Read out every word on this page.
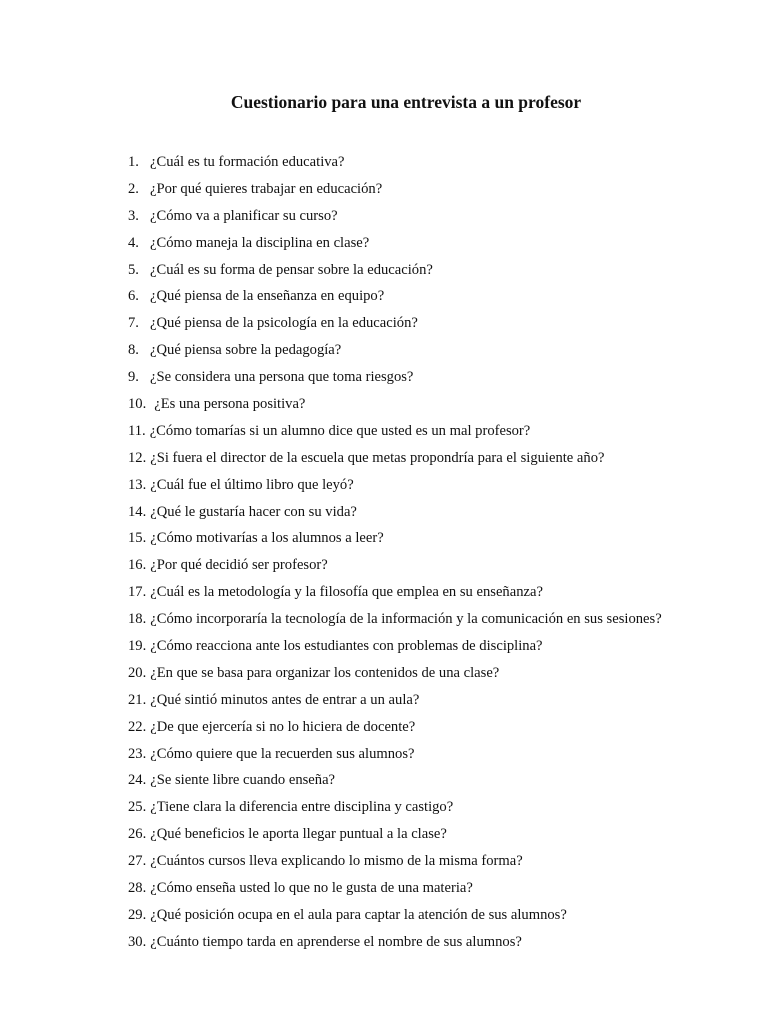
Cuestionario para una entrevista a un profesor
1. ¿Cuál es tu formación educativa?
2. ¿Por qué quieres trabajar en educación?
3. ¿Cómo va a planificar su curso?
4. ¿Cómo maneja la disciplina en clase?
5. ¿Cuál es su forma de pensar sobre la educación?
6. ¿Qué piensa de la enseñanza en equipo?
7. ¿Qué piensa de la psicología en la educación?
8. ¿Qué piensa sobre la pedagogía?
9. ¿Se considera una persona que toma riesgos?
10. ¿Es una persona positiva?
11. ¿Cómo tomarías si un alumno dice que usted es un mal profesor?
12. ¿Si fuera el director de la escuela que metas propondría para el siguiente año?
13. ¿Cuál fue el último libro que leyó?
14. ¿Qué le gustaría hacer con su vida?
15. ¿Cómo motivarías a los alumnos a leer?
16. ¿Por qué decidió ser profesor?
17. ¿Cuál es la metodología y la filosofía que emplea en su enseñanza?
18. ¿Cómo incorporaría la tecnología de la información y la comunicación en sus sesiones?
19. ¿Cómo reacciona ante los estudiantes con problemas de disciplina?
20. ¿En que se basa para organizar los contenidos de una clase?
21. ¿Qué sintió minutos antes de entrar a un aula?
22. ¿De que ejercería si no lo hiciera de docente?
23. ¿Cómo quiere que la recuerden sus alumnos?
24. ¿Se siente libre cuando enseña?
25. ¿Tiene clara la diferencia entre disciplina y castigo?
26. ¿Qué beneficios le aporta llegar puntual a la clase?
27. ¿Cuántos cursos lleva explicando lo mismo de la misma forma?
28. ¿Cómo enseña usted lo que no le gusta de una materia?
29. ¿Qué posición ocupa en el aula para captar la atención de sus alumnos?
30. ¿Cuánto tiempo tarda en aprenderse el nombre de sus alumnos?
